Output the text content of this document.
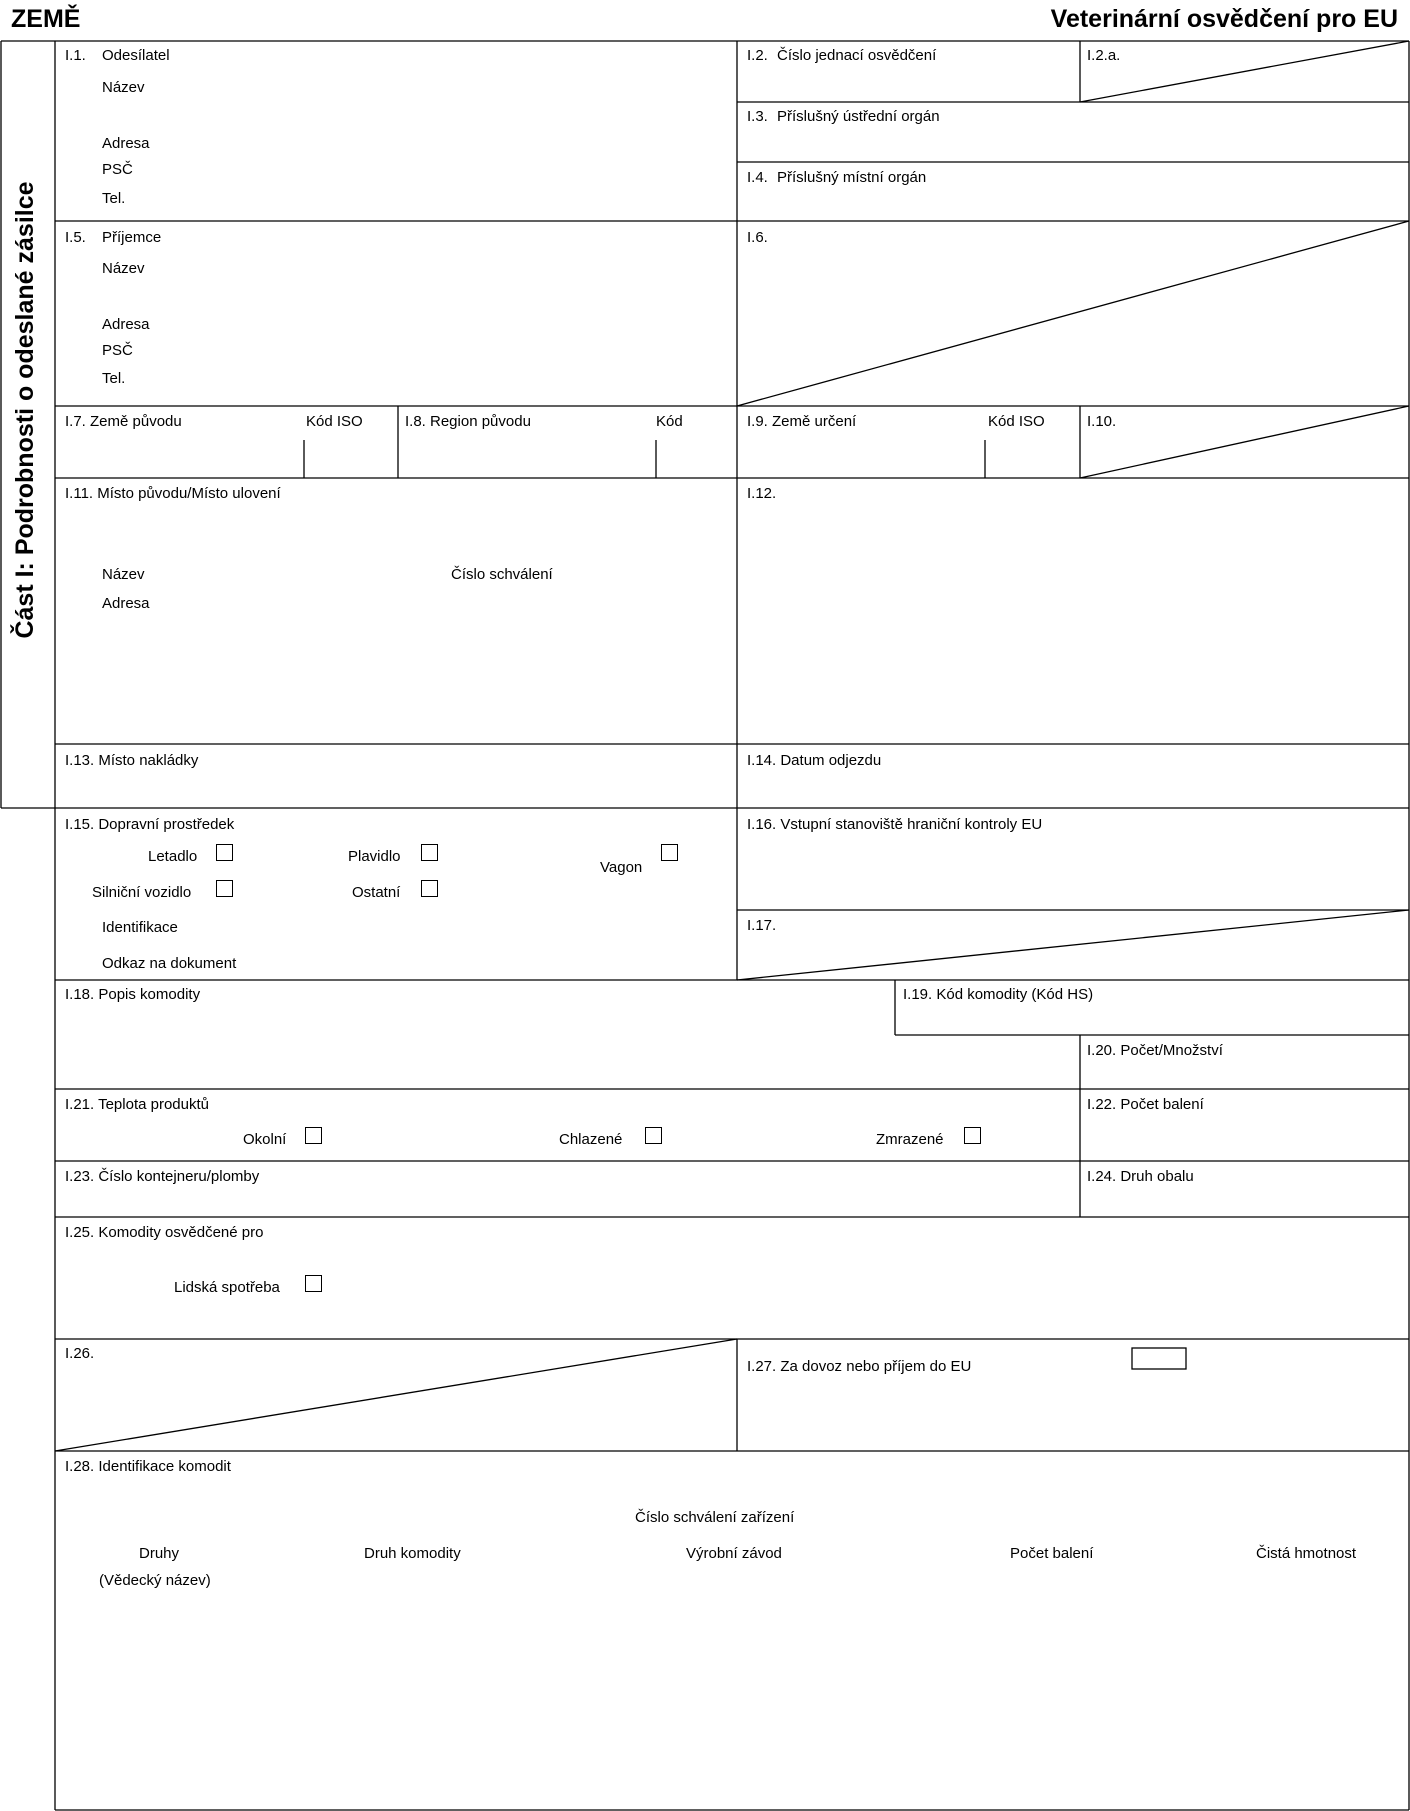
ZEMĚ	Veterinární osvědčení pro EU
Část I: Podrobnosti o odeslané zásilce
I.1. Odesílatel
Název
Adresa
PSČ
Tel.
I.2. Číslo jednací osvědčení	I.2.a.
I.3. Příslušný ústřední orgán
I.4. Příslušný místní orgán
I.5. Příjemce
Název
Adresa
PSČ
Tel.
I.6.
I.7. Země původu	Kód ISO	I.8. Region původu	Kód	I.9. Země určení	Kód ISO	I.10.
I.11. Místo původu/Místo ulovení
Název	Číslo schválení
Adresa
I.12.
I.13. Místo nakládky	I.14. Datum odjezdu
I.15. Dopravní prostředek
Letadlo	Plavidlo
Vagon
Silniční vozidlo	Ostatní
Identifikace
Odkaz na dokument
I.16. Vstupní stanoviště hraniční kontroly EU
I.17.
I.18. Popis komodity	I.19. Kód komodity (Kód HS)
I.20. Počet/Množství
I.21. Teplota produktů
Okolní	Chlazené	Zmrazené
I.22. Počet balení
I.23. Číslo kontejneru/plomby	I.24. Druh obalu
I.25. Komodity osvědčené pro
Lidská spotřeba
I.26.
I.27. Za dovoz nebo příjem do EU
I.28. Identifikace komodit
Číslo schválení zařízení
Druhy	Druh komodity	Výrobní závod	Počet balení	Čistá hmotnost
(Vědecký název)
